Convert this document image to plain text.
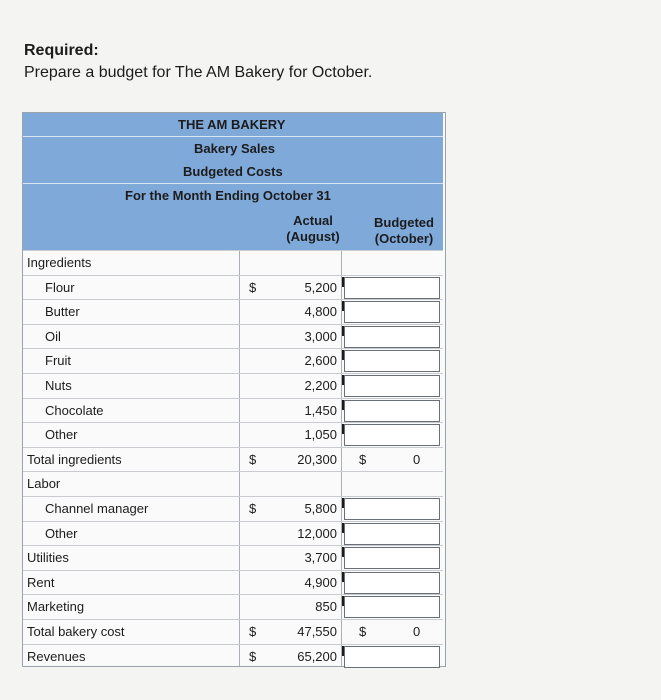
Required:
Prepare a budget for The AM Bakery for October.
THE AM BAKERY
Bakery Sales
Budgeted Costs
For the Month Ending October 31
Actual
(August)
Budgeted
(October)
Ingredients
Flour	$	5,200
Butter	4,800
Oil	3,000
Fruit	2,600
Nuts	2,200
Chocolate	1,450
Other	1,050
Total ingredients	$	20,300 $	0
Labor
Channel manager	$	5,800
Other	12,000
Utilities	3,700
Rent	4,900
Marketing	850
Total bakery cost	$	47,550 $	0
Revenues	$	65,200
